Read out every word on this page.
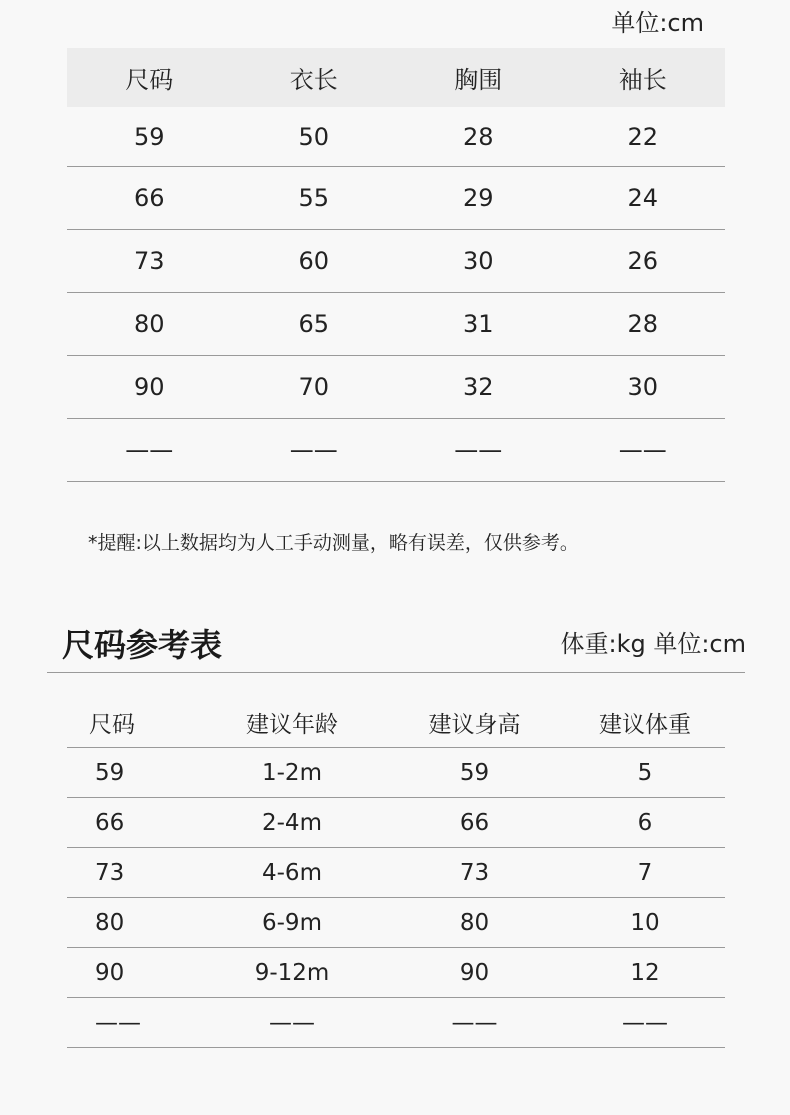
单位:cm
尺码	衣长	胸围	袖长
59	50	28	22
66	55	29	24
73	60	30	26
80	65	31	28
90	70	32	30
——	——	——	——
*提醒:以上数据均为人工手动测量，略有误差，仅供参考。
尺码参考表	体重:kg 单位:cm
尺码	建议年龄	建议身高	建议体重
59	1-2m	59	5
66	2-4m	66	6
73	4-6m	73	7
80	6-9m	80	10
90	9-12m	90	12
——	——	——	——
